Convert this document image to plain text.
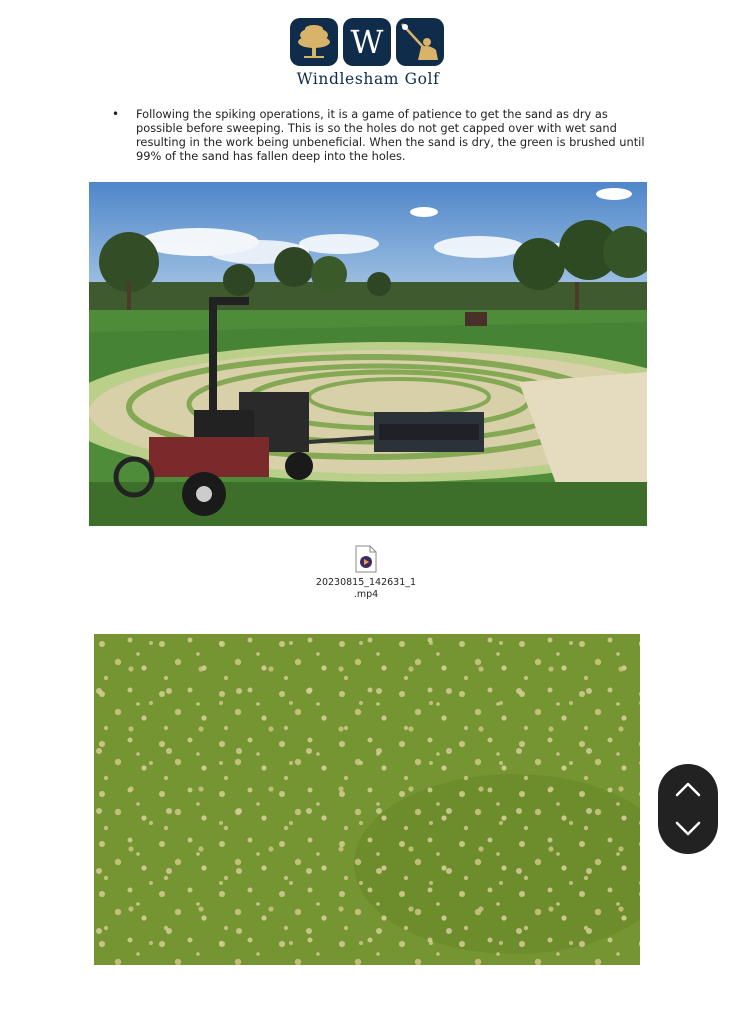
W
Windlesham Golf
•	Following the spiking operations, it is a game of patience to get the sand as dry as possible before sweeping. This is so the holes do not get capped over with wet sand resulting in the work being unbeneficial. When the sand is dry, the green is brushed until 99% of the sand has fallen deep into the holes.
20230815_142631_1
.mp4
